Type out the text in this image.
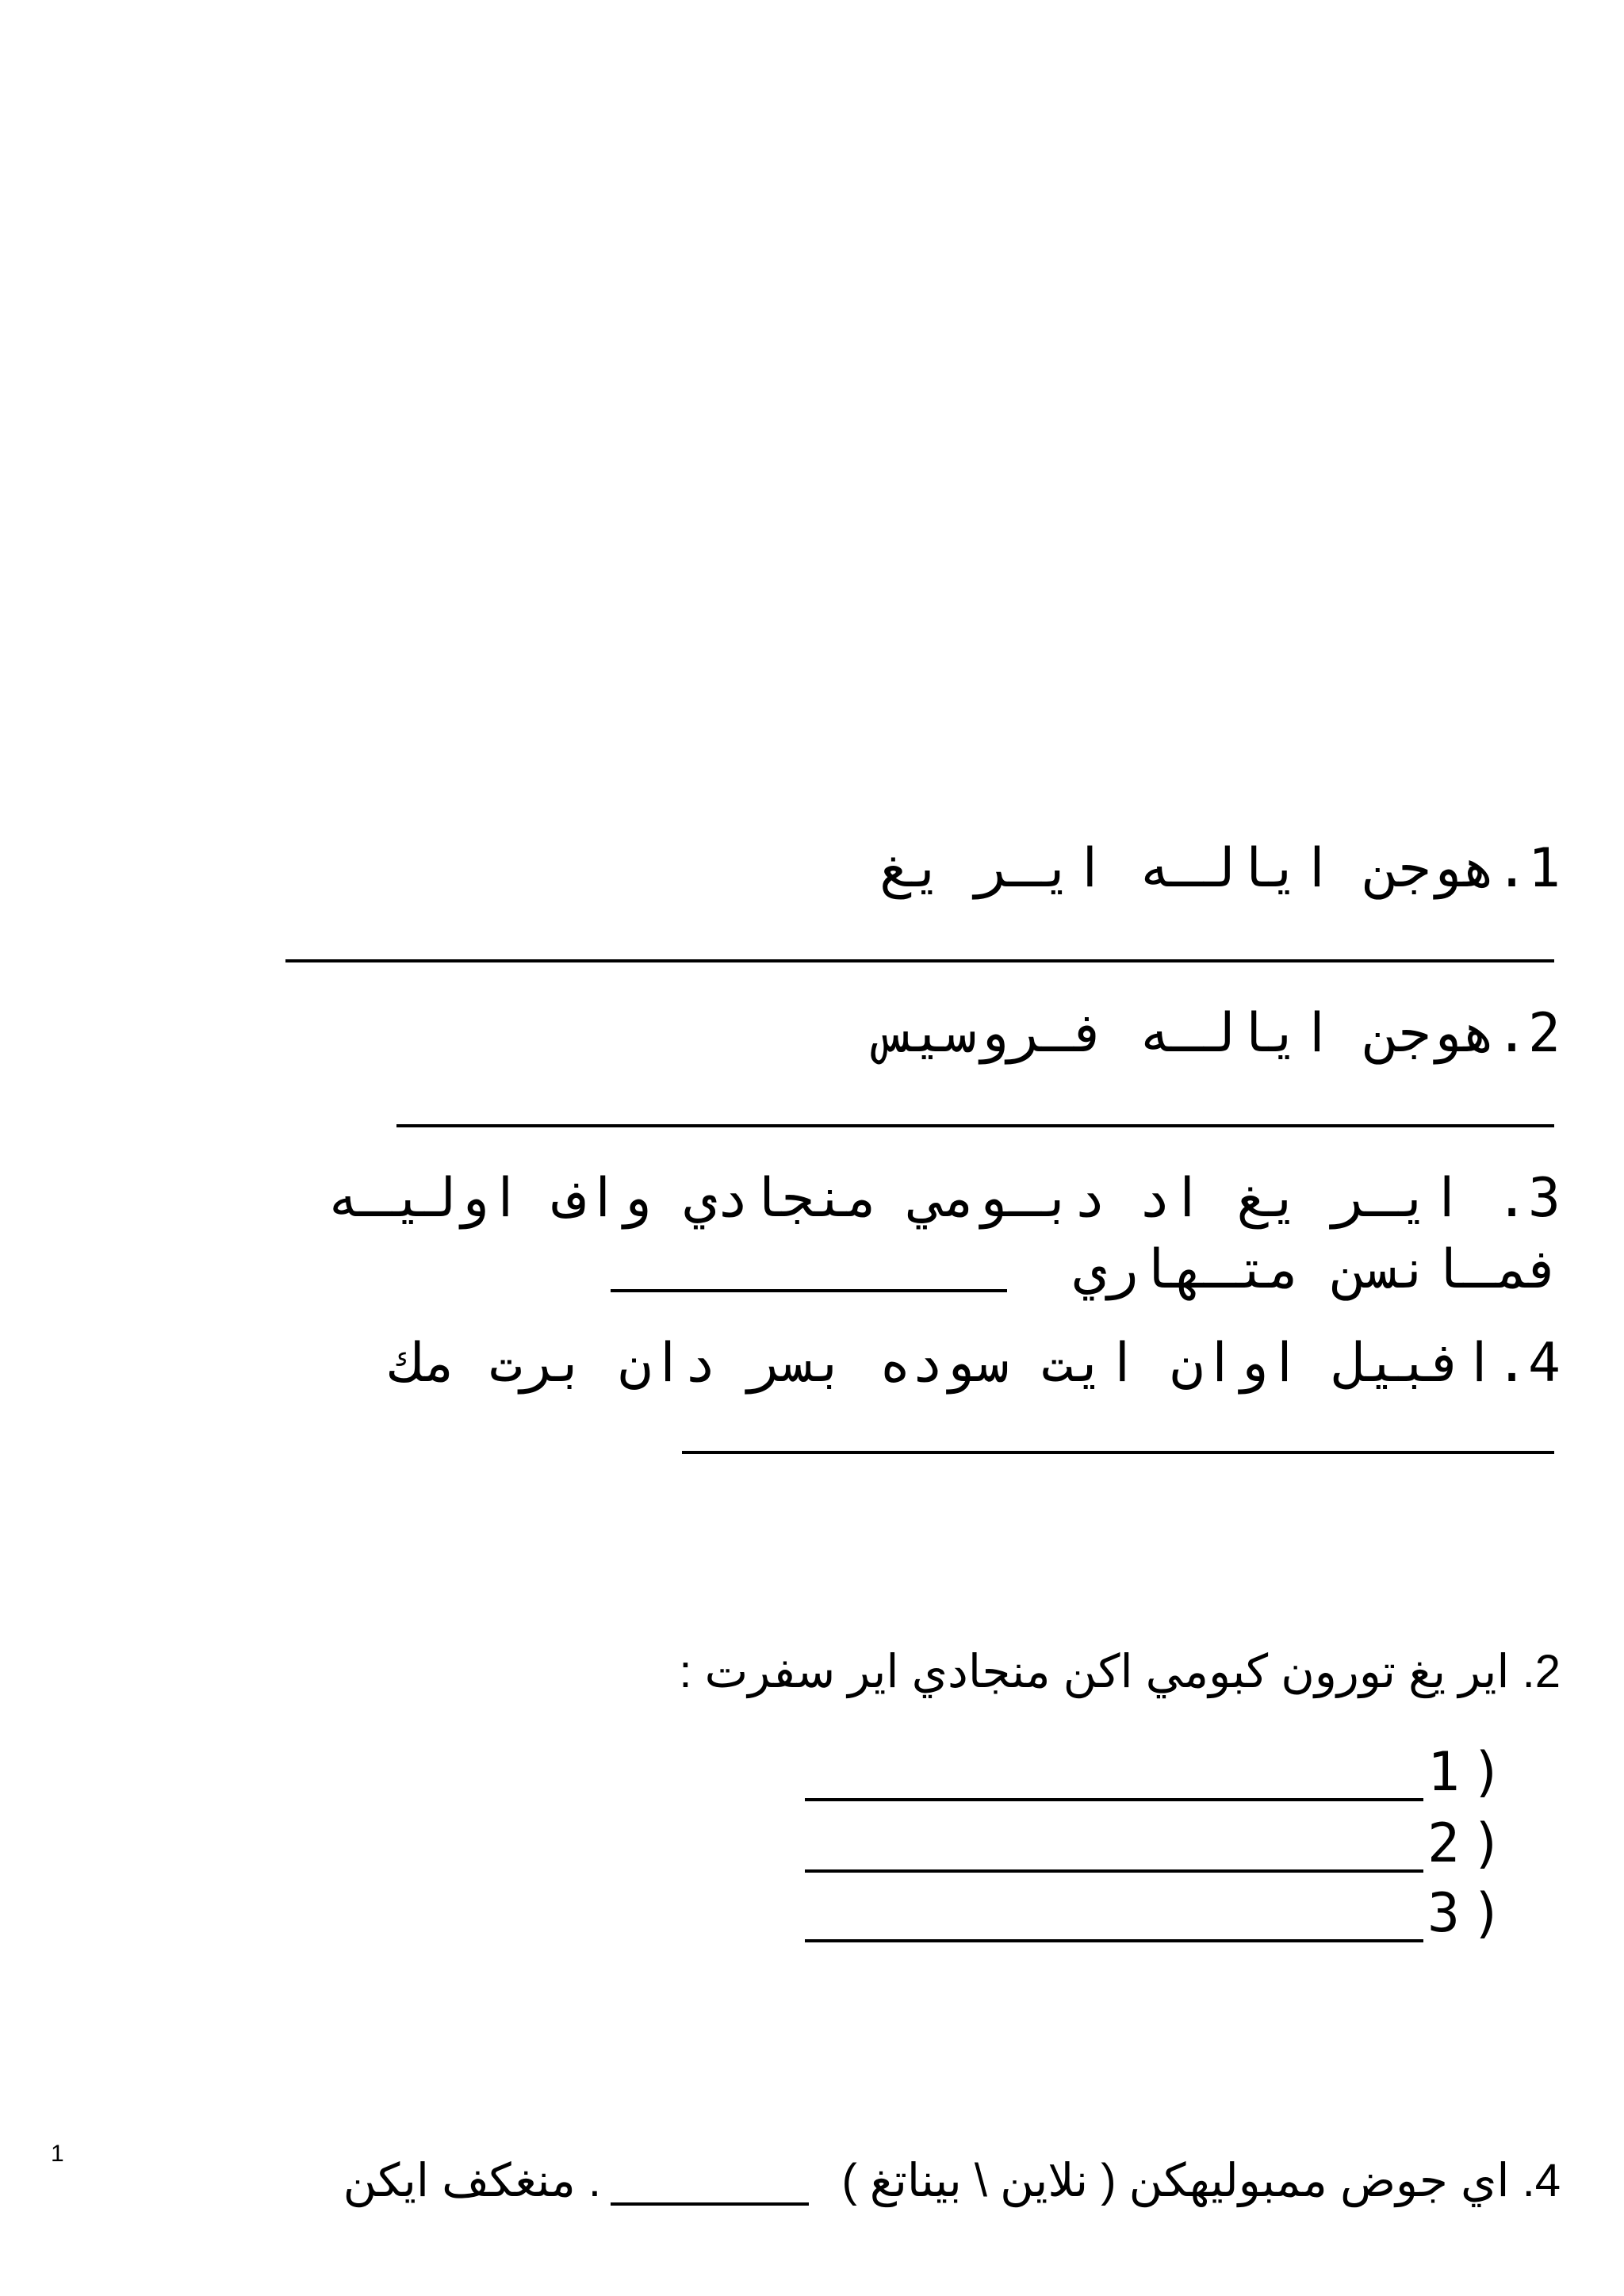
1.هوجن ايالـه ايـر يغ
2.هوجن ايالـه فـروسيس
3. ايـر يغ اد دبـومي منجادي واف اوليـه
فمـانسن متـهاري
4.افبيل اوان ايت سوده بسر دان برت مك
2. اير يغ تورون كبومي اكن منجادي اير سفرت :
1)
2)
3)
4. اي جوض ممبوليهكن ( نلاين \ بيناتغ )
. منغكف ايكن
1
